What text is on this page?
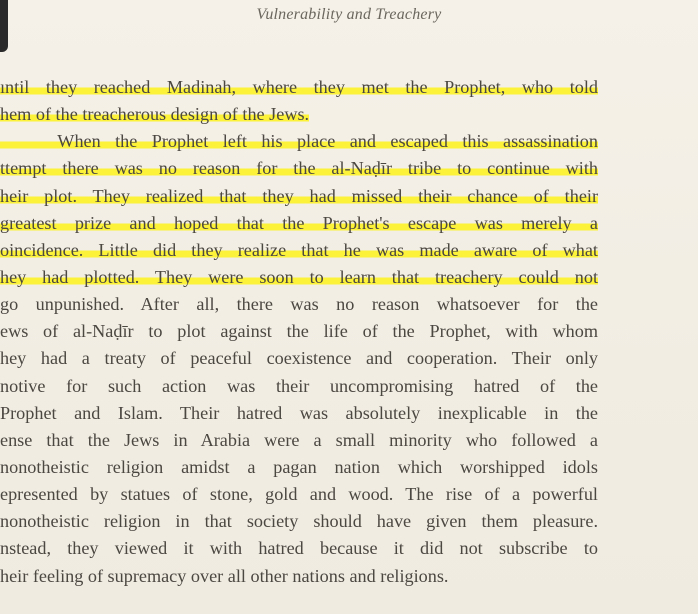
Vulnerability and Treachery
ıntil they reached Madinah, where they met the Prophet, who told
hem of the treacherous design of the Jews.
When the Prophet left his place and escaped this assassination
ttempt there was no reason for the al-Naḍīr tribe to continue with
heir plot. They realized that they had missed their chance of their
greatest prize and hoped that the Prophet's escape was merely a
oincidence. Little did they realize that he was made aware of what
hey had plotted. They were soon to learn that treachery could not
go unpunished. After all, there was no reason whatsoever for the
ews of al-Naḍīr to plot against the life of the Prophet, with whom
hey had a treaty of peaceful coexistence and cooperation. Their only
notive for such action was their uncompromising hatred of the
Prophet and Islam. Their hatred was absolutely inexplicable in the
ense that the Jews in Arabia were a small minority who followed a
nonotheistic religion amidst a pagan nation which worshipped idols
epresented by statues of stone, gold and wood. The rise of a powerful
nonotheistic religion in that society should have given them pleasure.
nstead, they viewed it with hatred because it did not subscribe to
heir feeling of supremacy over all other nations and religions.
